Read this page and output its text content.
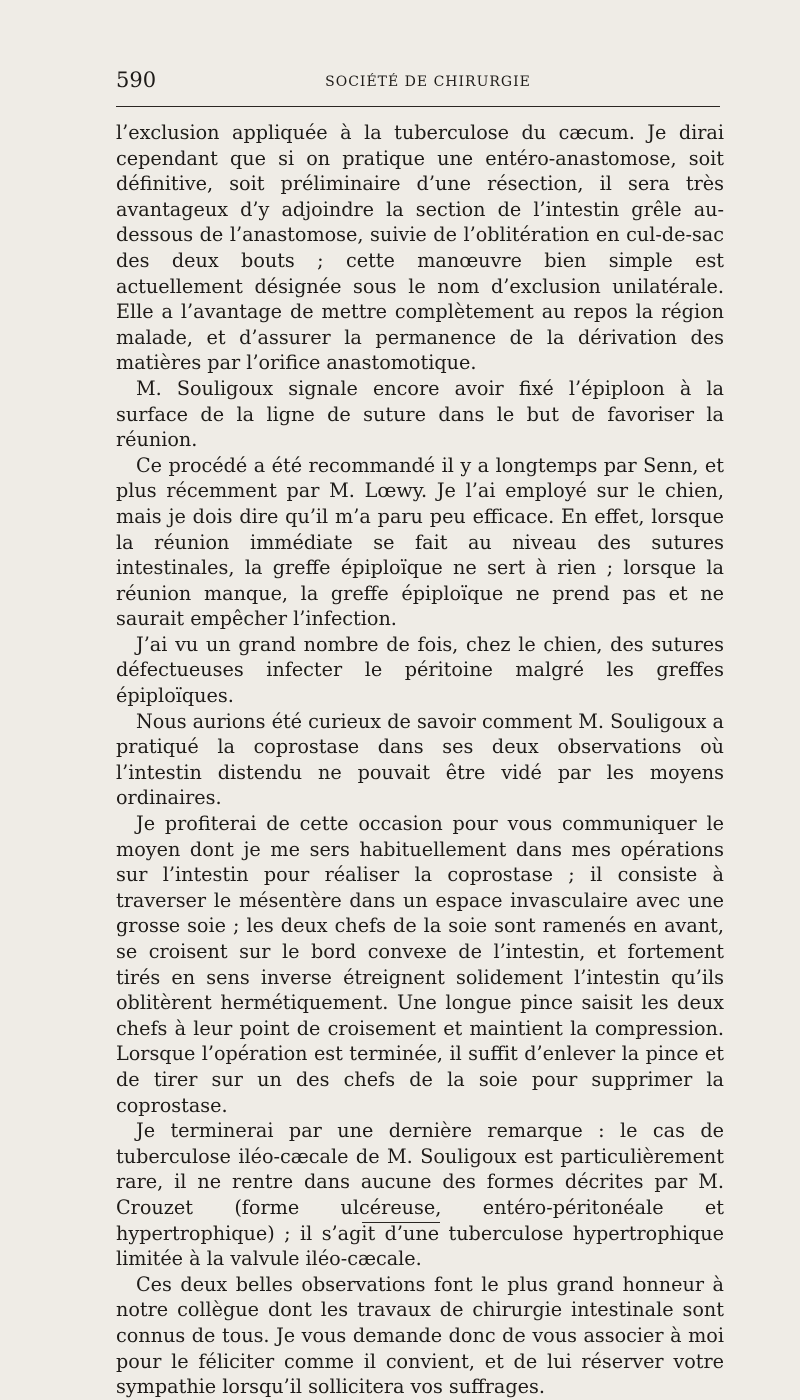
590	SOCIÉTÉ DE CHIRURGIE

l’exclusion appliquée à la tuberculose du cæcum. Je dirai cependant que si on pratique une entéro-anastomose, soit définitive, soit préliminaire d’une résection, il sera très avantageux d’y adjoindre la section de l’intestin grêle au-dessous de l’anastomose, suivie de l’oblitération en cul-de-sac des deux bouts ; cette manœuvre bien simple est actuellement désignée sous le nom d’exclusion unilatérale. Elle a l’avantage de mettre complètement au repos la région malade, et d’assurer la permanence de la dérivation des matières par l’orifice anastomotique.

M. Souligoux signale encore avoir fixé l’épiploon à la surface de la ligne de suture dans le but de favoriser la réunion.

Ce procédé a été recommandé il y a longtemps par Senn, et plus récemment par M. Lœwy. Je l’ai employé sur le chien, mais je dois dire qu’il m’a paru peu efficace. En effet, lorsque la réunion immédiate se fait au niveau des sutures intestinales, la greffe épiploïque ne sert à rien ; lorsque la réunion manque, la greffe épiploïque ne prend pas et ne saurait empêcher l’infection.

J’ai vu un grand nombre de fois, chez le chien, des sutures défectueuses infecter le péritoine malgré les greffes épiploïques.

Nous aurions été curieux de savoir comment M. Souligoux a pratiqué la coprostase dans ses deux observations où l’intestin distendu ne pouvait être vidé par les moyens ordinaires.

Je profiterai de cette occasion pour vous communiquer le moyen dont je me sers habituellement dans mes opérations sur l’intestin pour réaliser la coprostase ; il consiste à traverser le mésentère dans un espace invasculaire avec une grosse soie ; les deux chefs de la soie sont ramenés en avant, se croisent sur le bord convexe de l’intestin, et fortement tirés en sens inverse étreignent solidement l’intestin qu’ils oblitèrent hermétiquement. Une longue pince saisit les deux chefs à leur point de croisement et maintient la compression. Lorsque l’opération est terminée, il suffit d’enlever la pince et de tirer sur un des chefs de la soie pour supprimer la coprostase.

Je terminerai par une dernière remarque : le cas de tuberculose iléo-cæcale de M. Souligoux est particulièrement rare, il ne rentre dans aucune des formes décrites par M. Crouzet (forme ulcéreuse, entéro-péritonéale et hypertrophique) ; il s’agit d’une tuberculose hypertrophique limitée à la valvule iléo-cæcale.

Ces deux belles observations font le plus grand honneur à notre collègue dont les travaux de chirurgie intestinale sont connus de tous. Je vous demande donc de vous associer à moi pour le féliciter comme il convient, et de lui réserver votre sympathie lorsqu’il sollicitera vos suffrages.
